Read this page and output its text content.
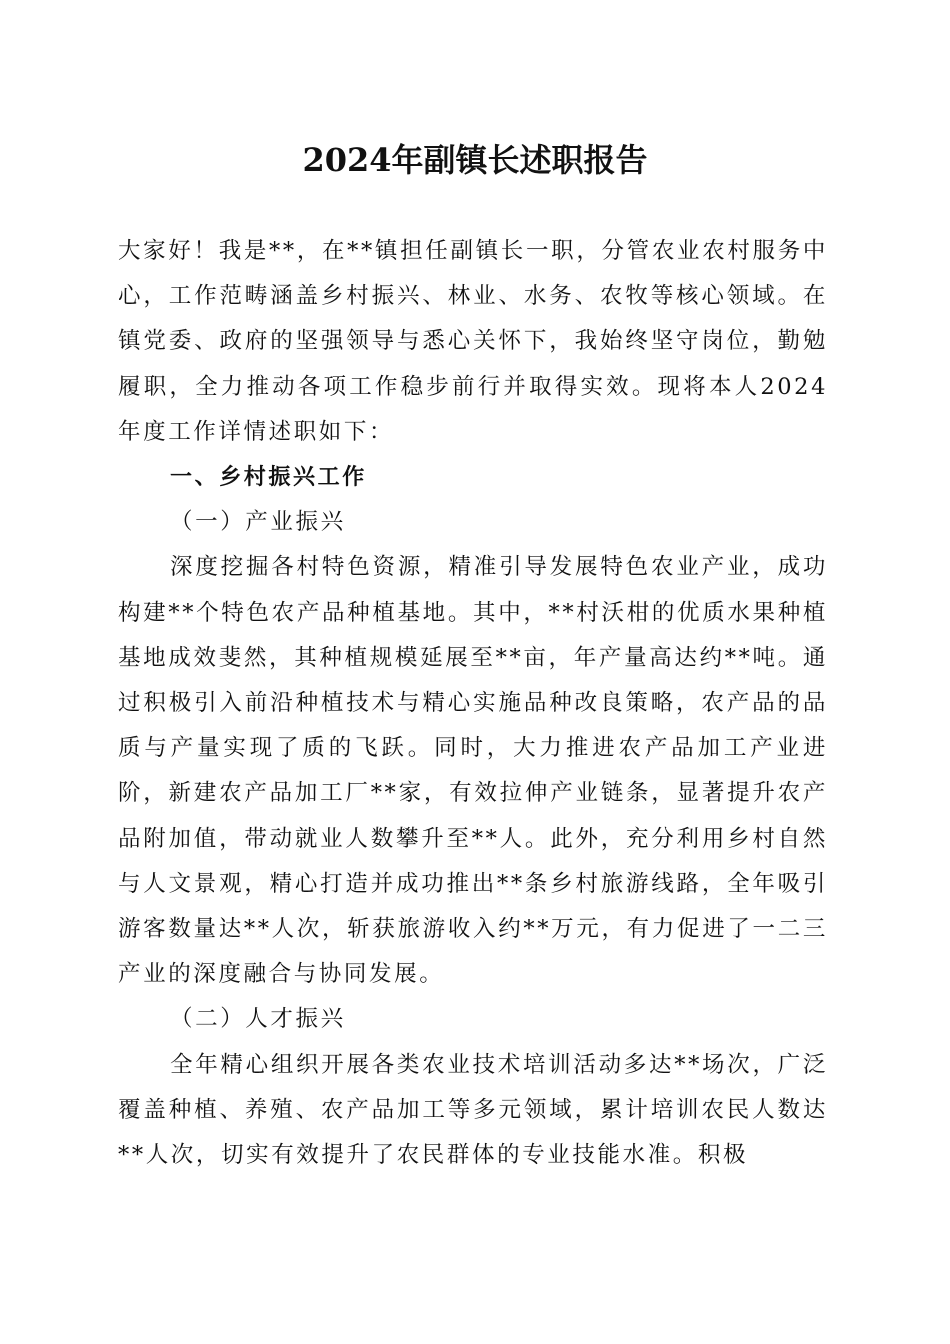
2024年副镇长述职报告

大家好！我是**，在**镇担任副镇长一职，分管农业农村服务中心，工作范畴涵盖乡村振兴、林业、水务、农牧等核心领域。在镇党委、政府的坚强领导与悉心关怀下，我始终坚守岗位，勤勉履职，全力推动各项工作稳步前行并取得实效。现将本人2024年度工作详情述职如下：

一、乡村振兴工作

（一）产业振兴

深度挖掘各村特色资源，精准引导发展特色农业产业，成功构建**个特色农产品种植基地。其中，**村沃柑的优质水果种植基地成效斐然，其种植规模延展至**亩，年产量高达约**吨。通过积极引入前沿种植技术与精心实施品种改良策略，农产品的品质与产量实现了质的飞跃。同时，大力推进农产品加工产业进阶，新建农产品加工厂**家，有效拉伸产业链条，显著提升农产品附加值，带动就业人数攀升至**人。此外，充分利用乡村自然与人文景观，精心打造并成功推出**条乡村旅游线路，全年吸引游客数量达**人次，斩获旅游收入约**万元，有力促进了一二三产业的深度融合与协同发展。

（二）人才振兴

全年精心组织开展各类农业技术培训活动多达**场次，广泛覆盖种植、养殖、农产品加工等多元领域，累计培训农民人数达**人次，切实有效提升了农民群体的专业技能水准。积极
